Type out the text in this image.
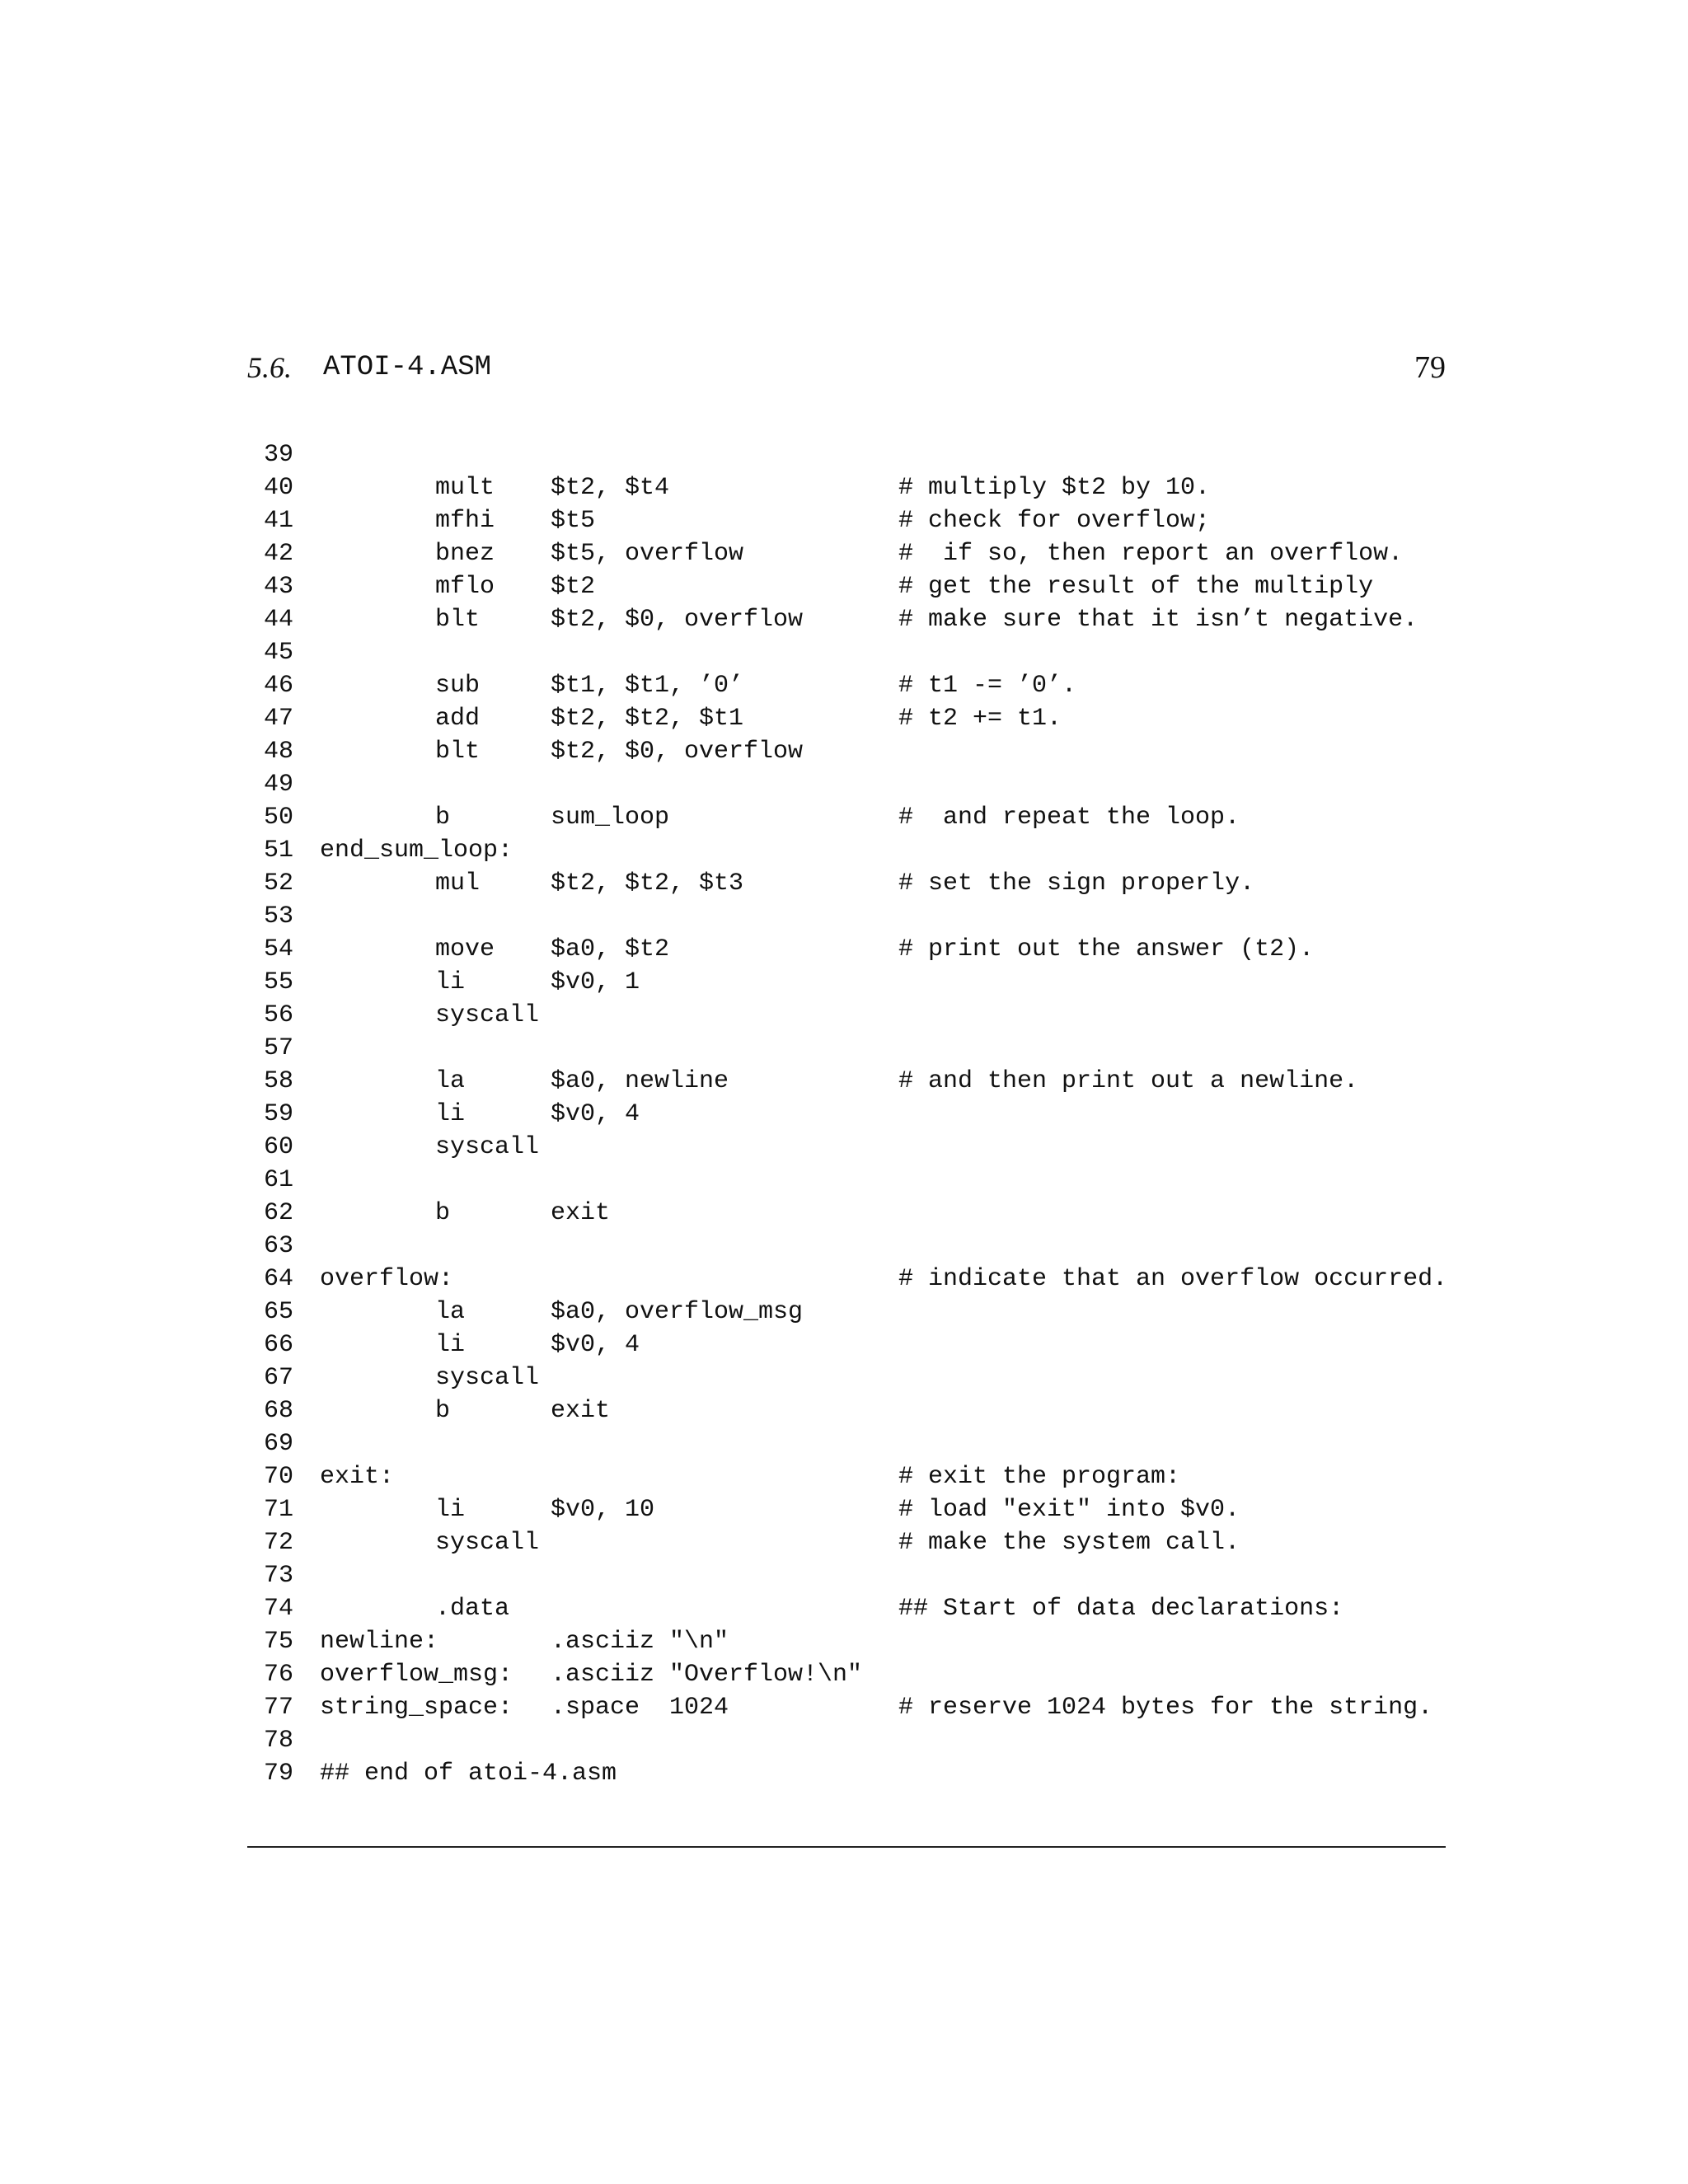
5.6. ATOI-4.ASM	79
39
40	mult $t2, $t4	# multiply $t2 by 10.
41	mfhi $t5	# check for overflow;
42	bnez $t5, overflow	#  if so, then report an overflow.
43	mflo $t2	# get the result of the multiply
44	blt	$t2, $0, overflow	# make sure that it isn’t negative.
45
46	sub	$t1, $t1, ’0’	# t1 -= ’0’.
47	add	$t2, $t2, $t1	# t2 += t1.
48	blt	$t2, $0, overflow
49
50	b	sum_loop	#  and repeat the loop.
51 end_sum_loop:
52	mul	$t2, $t2, $t3	# set the sign properly.
53
54	move $a0, $t2	# print out the answer (t2).
55	li	$v0, 1
56	syscall
57
58	la	$a0, newline	# and then print out a newline.
59	li	$v0, 4
60	syscall
61
62	b	exit
63
64 overflow:	# indicate that an overflow occurred.
65	la	$a0, overflow_msg
66	li	$v0, 4
67	syscall
68	b	exit
69
70 exit:	# exit the program:
71	li	$v0, 10	# load "exit" into $v0.
72	syscall	# make the system call.
73
74	.data	## Start of data declarations:
75 newline:	.asciiz "\n"
76 overflow_msg: .asciiz "Overflow!\n"
77 string_space: .space  1024	# reserve 1024 bytes for the string.
78
79 ## end of atoi-4.asm
